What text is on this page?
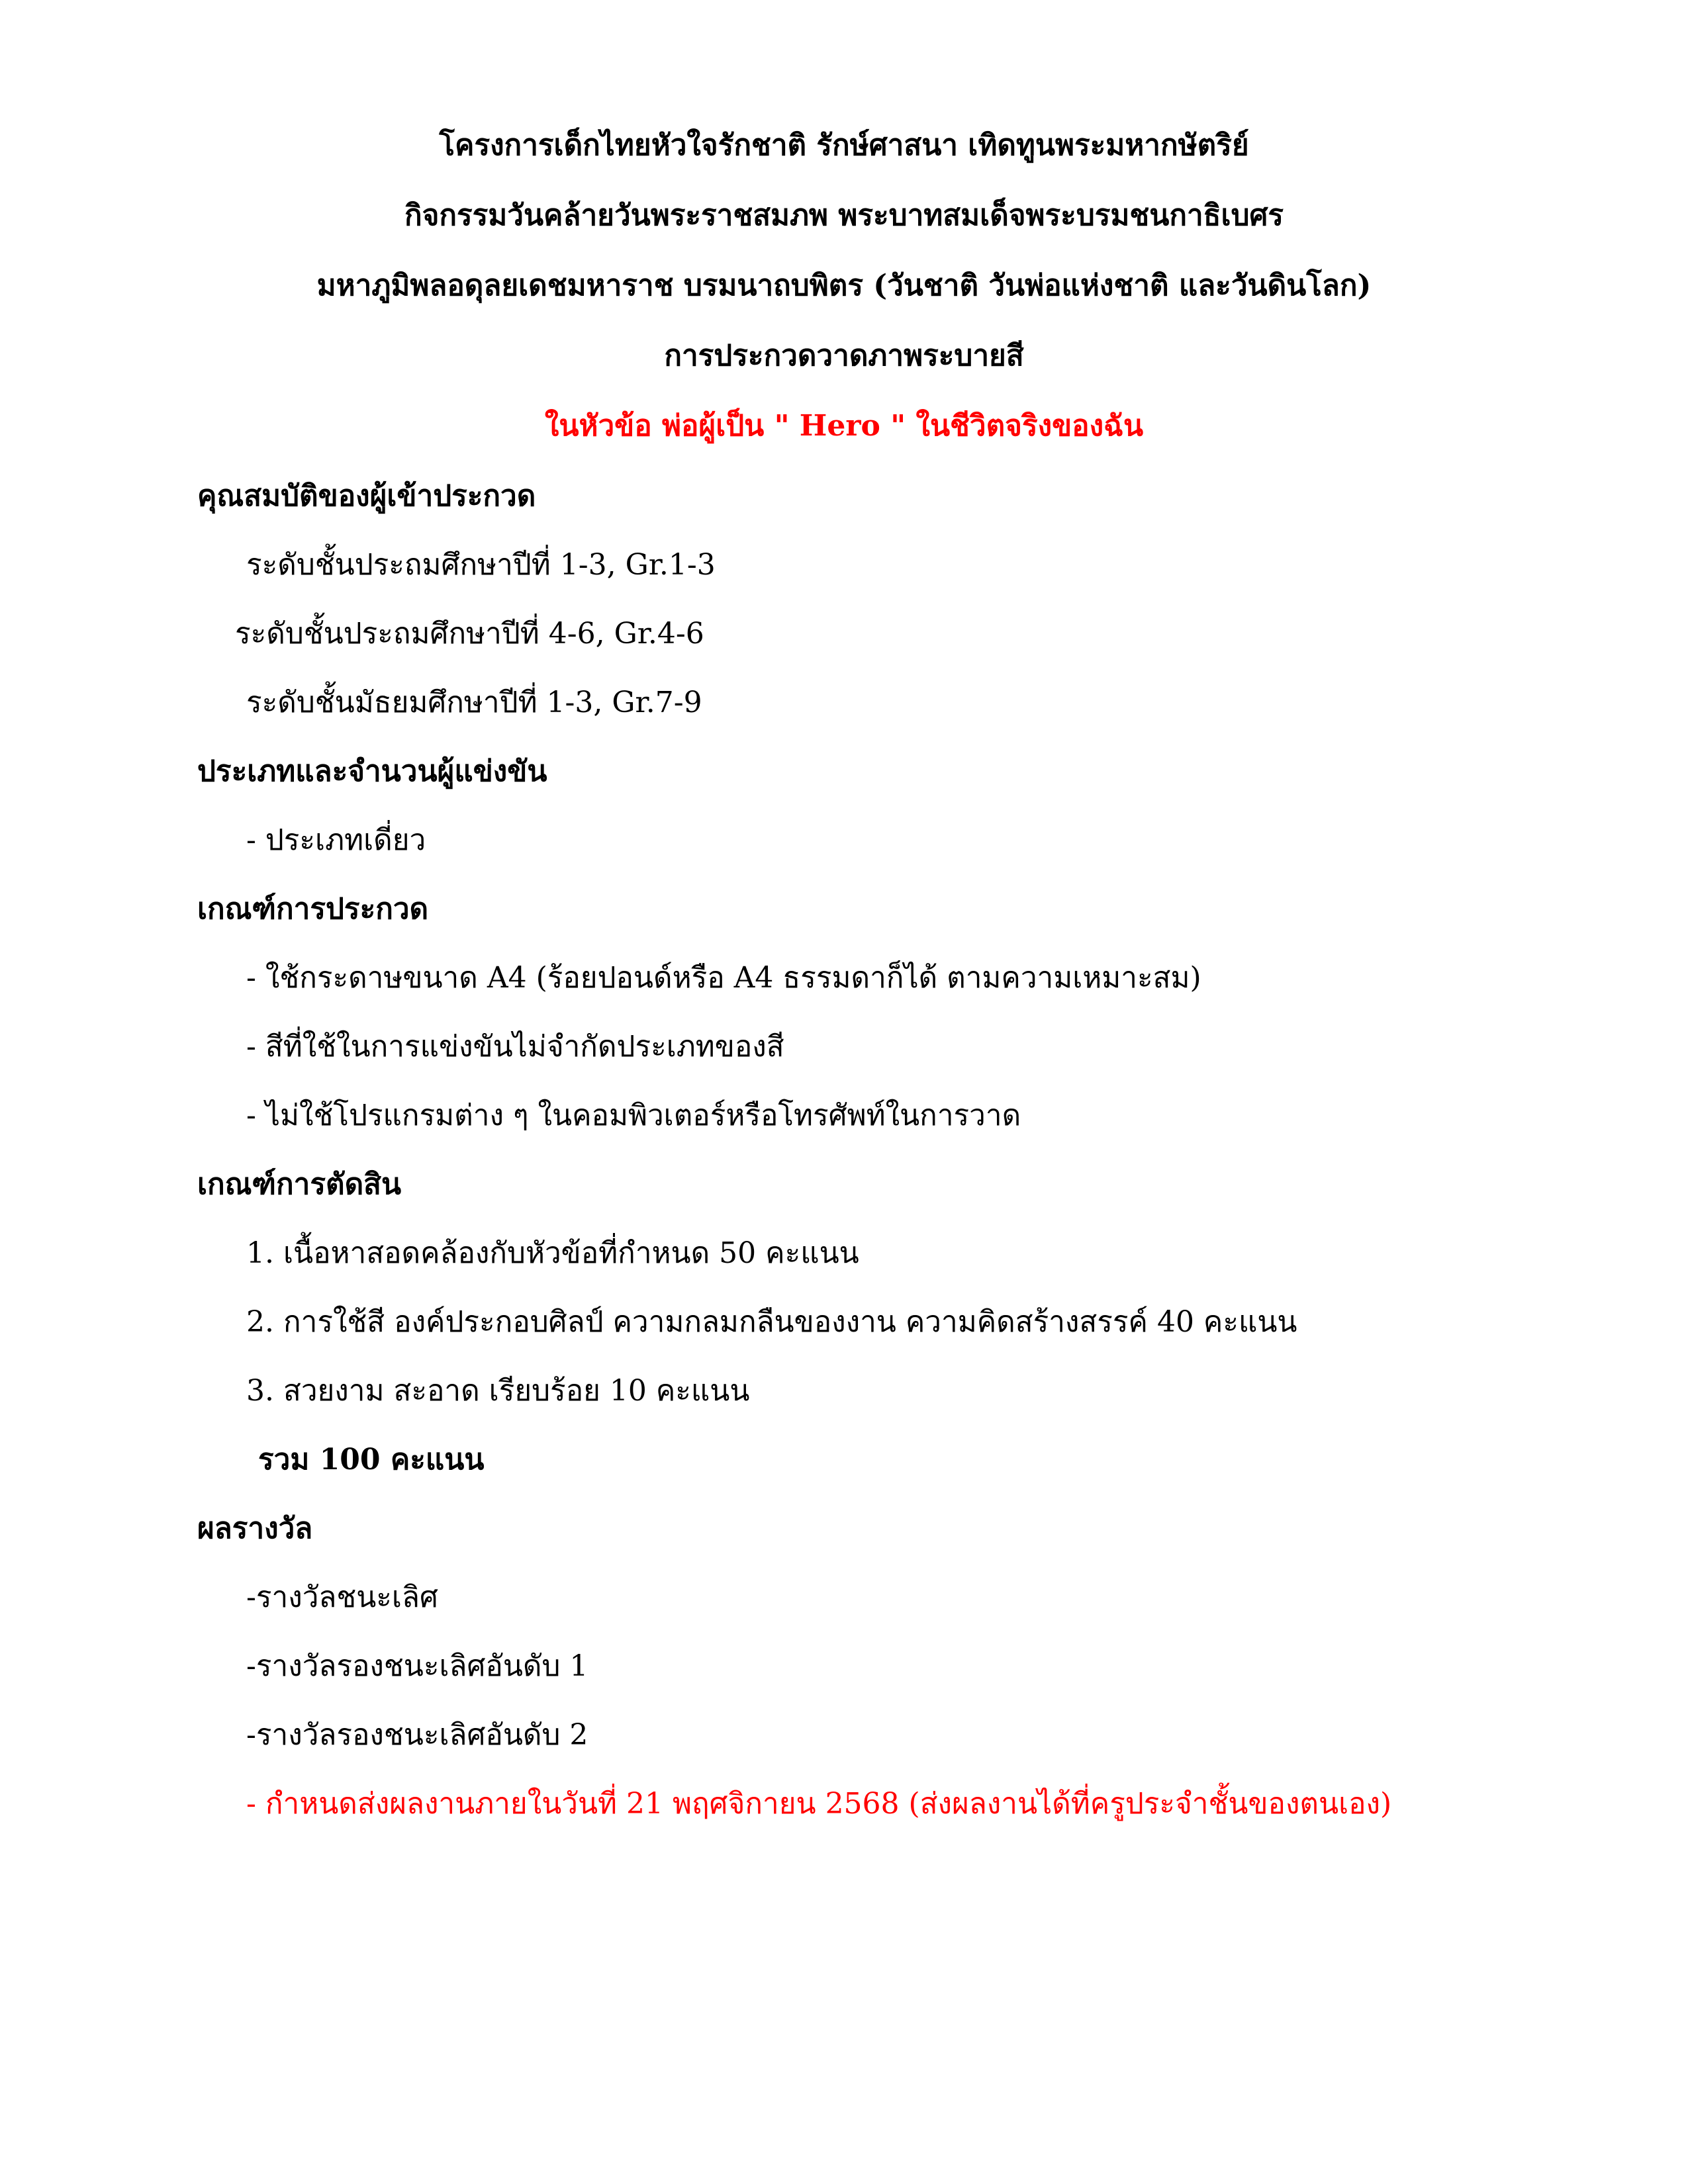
โครงการเด็กไทยหัวใจรักชาติ รักษ์ศาสนา เทิดทูนพระมหากษัตริย์
กิจกรรมวันคล้ายวันพระราชสมภพ พระบาทสมเด็จพระบรมชนกาธิเบศร
มหาภูมิพลอดุลยเดชมหาราช บรมนาถบพิตร (วันชาติ วันพ่อแห่งชาติ และวันดินโลก)
การประกวดวาดภาพระบายสี
ในหัวข้อ พ่อผู้เป็น " Hero " ในชีวิตจริงของฉัน
คุณสมบัติของผู้เข้าประกวด
ระดับชั้นประถมศึกษาปีที่ 1-3, Gr.1-3
ระดับชั้นประถมศึกษาปีที่ 4-6, Gr.4-6
ระดับชั้นมัธยมศึกษาปีที่ 1-3, Gr.7-9
ประเภทและจำนวนผู้แข่งขัน
- ประเภทเดี่ยว
เกณฑ์การประกวด
- ใช้กระดาษขนาด A4 (ร้อยปอนด์หรือ A4 ธรรมดาก็ได้ ตามความเหมาะสม)
- สีที่ใช้ในการแข่งขันไม่จำกัดประเภทของสี
- ไม่ใช้โปรแกรมต่าง ๆ ในคอมพิวเตอร์หรือโทรศัพท์ในการวาด
เกณฑ์การตัดสิน
1. เนื้อหาสอดคล้องกับหัวข้อที่กำหนด 50 คะแนน
2. การใช้สี องค์ประกอบศิลป์ ความกลมกลืนของงาน ความคิดสร้างสรรค์ 40 คะแนน
3. สวยงาม สะอาด เรียบร้อย 10 คะแนน
รวม 100 คะแนน
ผลรางวัล
-รางวัลชนะเลิศ
-รางวัลรองชนะเลิศอันดับ 1
-รางวัลรองชนะเลิศอันดับ 2
- กำหนดส่งผลงานภายในวันที่ 21 พฤศจิกายน 2568 (ส่งผลงานได้ที่ครูประจำชั้นของตนเอง)
